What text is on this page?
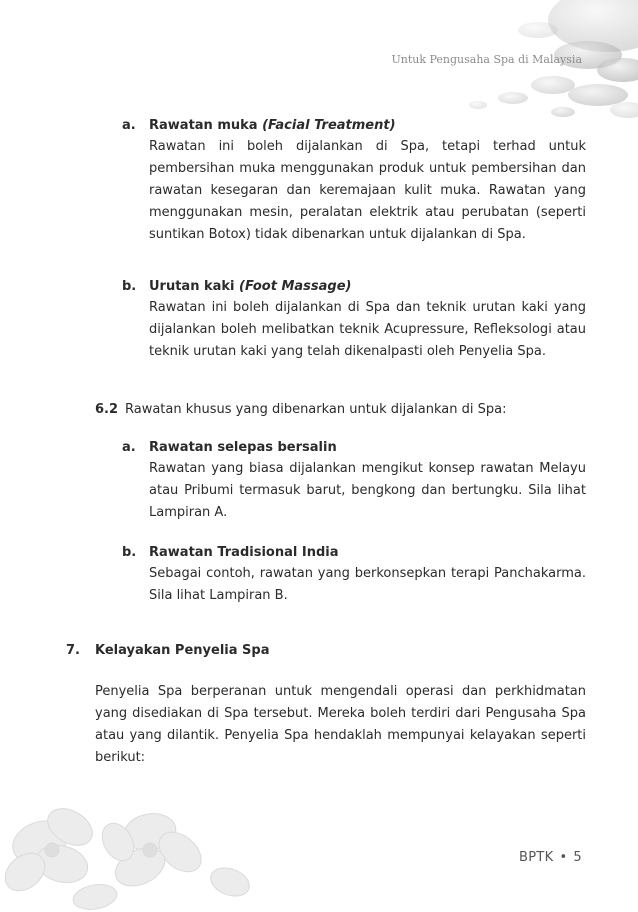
Untuk Pengusaha Spa di Malaysia
a. Rawatan muka (Facial Treatment)
Rawatan ini boleh dijalankan di Spa, tetapi terhad untuk pembersihan muka menggunakan produk untuk pembersihan dan rawatan kesegaran dan keremajaan kulit muka. Rawatan yang menggunakan mesin, peralatan elektrik atau perubatan (seperti suntikan Botox) tidak dibenarkan untuk dijalankan di Spa.
b. Urutan kaki (Foot Massage)
Rawatan ini boleh dijalankan di Spa dan teknik urutan kaki yang dijalankan boleh melibatkan teknik Acupressure, Refleksologi atau teknik urutan kaki yang telah dikenalpasti oleh Penyelia Spa.
6.2 Rawatan khusus yang dibenarkan untuk dijalankan di Spa:
a. Rawatan selepas bersalin
Rawatan yang biasa dijalankan mengikut konsep rawatan Melayu atau Pribumi termasuk barut, bengkong dan bertungku. Sila lihat Lampiran A.
b. Rawatan Tradisional India
Sebagai contoh, rawatan yang berkonsepkan terapi Panchakarma. Sila lihat Lampiran B.
7. Kelayakan Penyelia Spa
Penyelia Spa berperanan untuk mengendali operasi dan perkhidmatan yang disediakan di Spa tersebut. Mereka boleh terdiri dari Pengusaha Spa atau yang dilantik. Penyelia Spa hendaklah mempunyai kelayakan seperti berikut:
BPTK • 5
